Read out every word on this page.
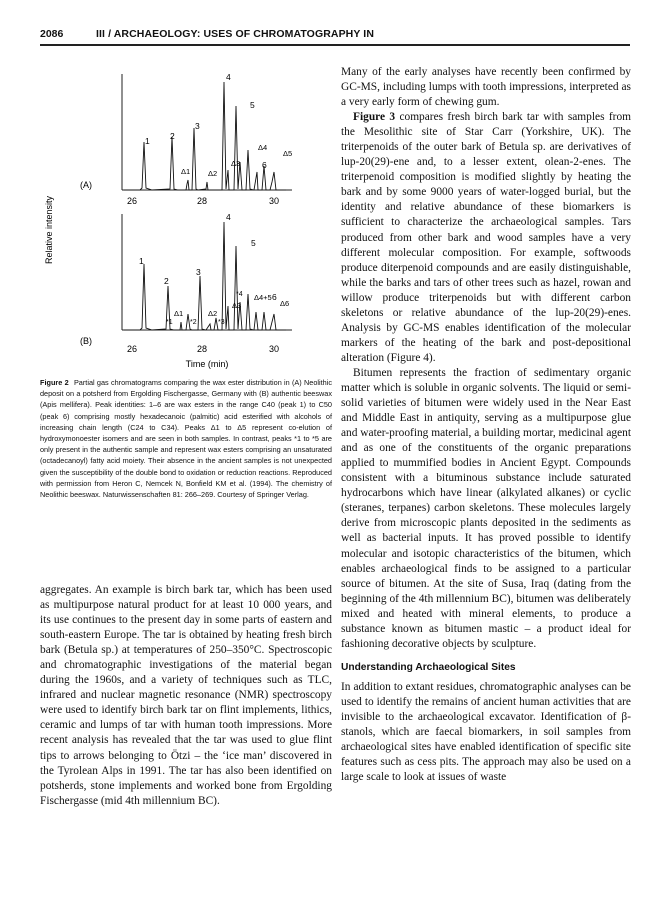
2086	III / ARCHAEOLOGY: USES OF CHROMATOGRAPHY IN
Relative intensity
(A)
26	28	30
1 2
3
4
5
6
Δ1 Δ2
Δ3
Δ4
Δ5
(B)
26	28	30
1
2
3
4
5
Δ1	Δ2
Δ3
Δ4+5 6
Δ6
*1 *2	*3
*4
Time (min)
Figure 2 Partial gas chromatograms comparing the wax ester distribution in (A) Neolithic deposit on a potsherd from Ergolding Fischergasse, Germany with (B) authentic beeswax (Apis mellifera). Peak identities: 1–6 are wax esters in the range C40 (peak 1) to C50 (peak 6) comprising mostly hexadecanoic (palmitic) acid esterified with alcohols of increasing chain length (C24 to C34). Peaks Δ1 to Δ5 represent co-elution of hydroxymonoester isomers and are seen in both samples. In contrast, peaks *1 to *5 are only present in the authentic sample and represent wax esters comprising an unsaturated (octadecanoyl) fatty acid moiety. Their absence in the ancient samples is not unexpected given the susceptibility of the double bond to oxidation or reduction reactions. Reproduced with permission from Heron C, Nemcek N, Bonfield KM et al. (1994). The chemistry of Neolithic beeswax. Naturwissenschaften 81: 266–269. Courtesy of Springer Verlag.

aggregates. An example is birch bark tar, which has been used as multipurpose natural product for at least 10 000 years, and its use continues to the present day in some parts of eastern and south-eastern Europe. The tar is obtained by heating fresh birch bark (Betula sp.) at temperatures of 250–350°C. Spectroscopic and chromatographic investigations of the material began during the 1960s, and a variety of techniques such as TLC, infrared and nuclear magnetic resonance (NMR) spectroscopy were used to identify birch bark tar on flint implements, lithics, ceramic and lumps of tar with human tooth impressions. More recent analysis has revealed that the tar was used to glue flint tips to arrows belonging to Ötzi – the ‘ice man’ discovered in the Tyrolean Alps in 1991. The tar has also been identified on potsherds, stone implements and worked bone from Ergolding Fischergasse (mid 4th millennium BC).

Many of the early analyses have recently been confirmed by GC-MS, including lumps with tooth impressions, interpreted as a very early form of chewing gum.

Figure 3 compares fresh birch bark tar with samples from the Mesolithic site of Star Carr (Yorkshire, UK). The triterpenoids of the outer bark of Betula sp. are derivatives of lup-20(29)-ene and, to a lesser extent, olean-2-enes. The triterpenoid composition is modified slightly by heating the bark and by some 9000 years of water-logged burial, but the identity and relative abundance of these biomarkers is sufficient to characterize the archaeological samples. Tars produced from other bark and wood samples have a very different molecular composition. For example, softwoods produce diterpenoid compounds and are easily distinguishable, while the barks and tars of other trees such as hazel, rowan and willow produce triterpenoids but with different carbon skeletons or relative abundance of the lup-20(29)-enes. Analysis by GC-MS enables identification of the molecular markers of the heating of the bark and post-depositional alteration (Figure 4).

Bitumen represents the fraction of sedimentary organic matter which is soluble in organic solvents. The liquid or semi-solid varieties of bitumen were widely used in the Near East and Middle East in antiquity, serving as a multipurpose glue and water-proofing material, a building mortar, medicinal agent and as one of the constituents of the organic preparations applied to mummified bodies in Ancient Egypt. Compounds consistent with a bituminous substance include saturated hydrocarbons which have linear (alkylated alkanes) or cyclic (steranes, terpanes) carbon skeletons. These molecules largely derive from microscopic plants deposited in the sediments as well as bacterial inputs. It has proved possible to identify molecular and isotopic characteristics of the bitumen, which enables archaeological finds to be assigned to a particular source of bitumen. At the site of Susa, Iraq (dating from the beginning of the 4th millennium BC), bitumen was deliberately mixed and heated with mineral elements, to produce a substance known as bitumen mastic – a product ideal for fashioning decorative objects by sculpture.

Understanding Archaeological Sites

In addition to extant residues, chromatographic analyses can be used to identify the remains of ancient human activities that are invisible to the archaeological excavator. Identification of β-stanols, which are faecal biomarkers, in soil samples from archaeological sites have enabled identification of specific site features such as cess pits. The approach may also be used on a large scale to look at issues of waste
